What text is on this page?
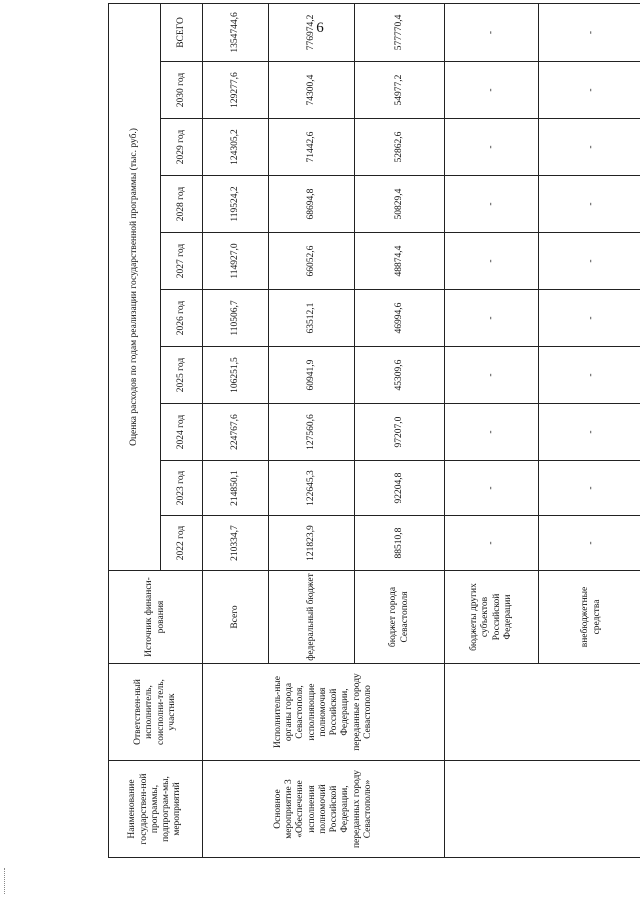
6
Наименование государствен-ной программы, подпрограм-мы, мероприятий	Ответствен-ный исполнитель, соисполни-тель, участник	Источник финанси-рования	Оценка расходов по годам реализации государственной программы (тыс. руб.)									
			2022 год	2023 год	2024 год	2025 год	2026 год	2027 год	2028 год	2029 год	2030 год	ВСЕГО
Основное мероприятие 3 «Обеспечение исполнения полномочий Российской Федерации, переданных городу Севастополю»	Исполнитель-ные органы города Севастополя, исполняющие полномочия Российской Федерации, переданные городу Севастополю	Всего	210334,7	214850,1	224767,6	106251,5	110506,7	114927,0	119524,2	124305,2	129277,6	1354744,6
		федеральный бюджет	121823,9	122645,3	127560,6	60941,9	63512,1	66052,6	68694,8	71442,6	74300,4	776974,2
		бюджет города Севастополя	88510,8	92204,8	97207,0	45309,6	46994,6	48874,4	50829,4	52862,6	54977,2	577770,4
		бюджеты других субъектов Российской Федерации	-	-	-	-	-	-	-	-	-	-
		внебюджетные средства	-	-	-	-	-	-	-	-	-	-
